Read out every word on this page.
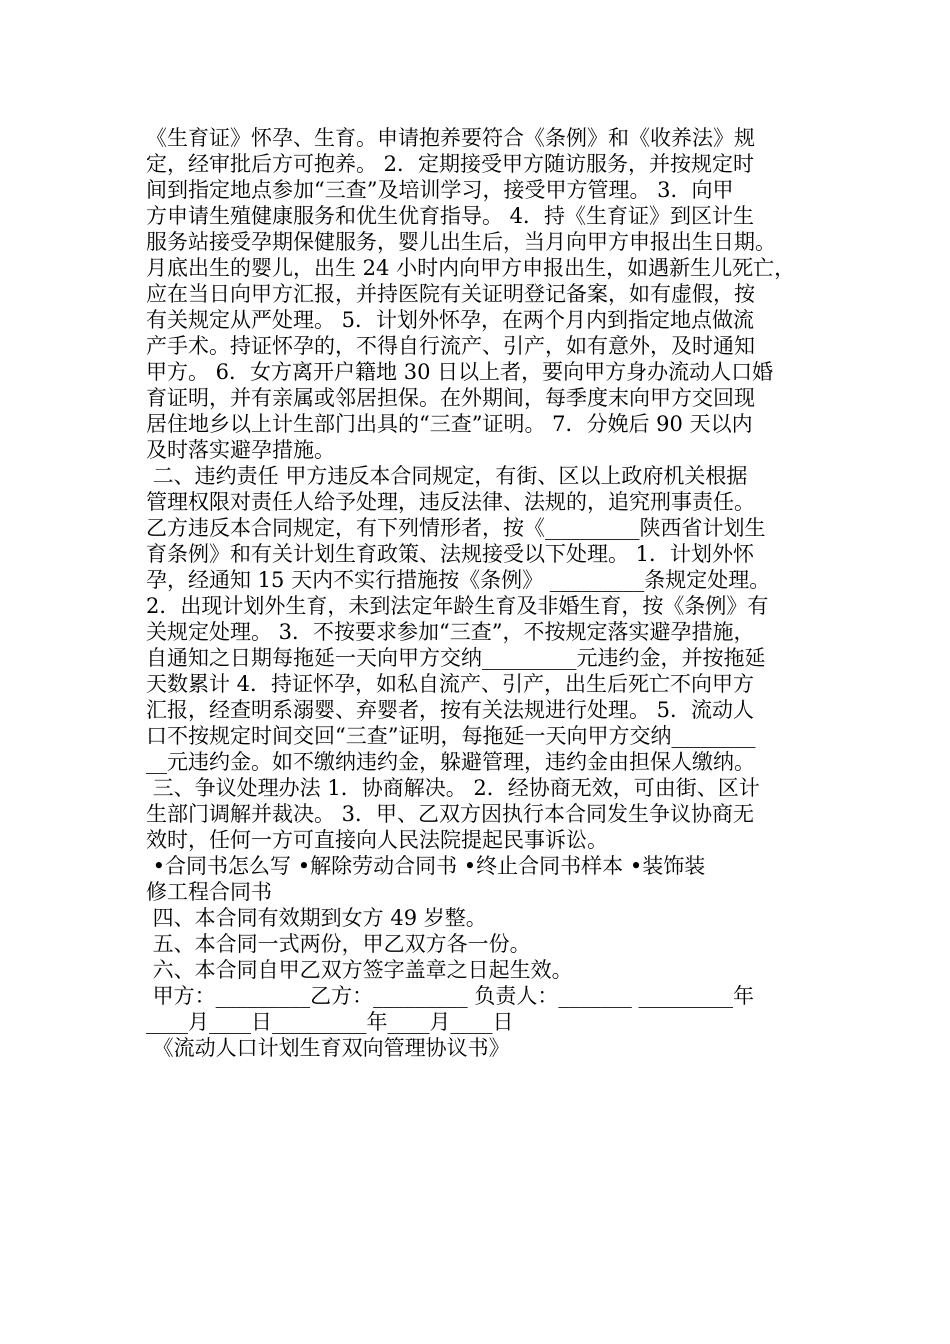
《生育证》怀孕、生育。申请抱养要符合《条例》和《收养法》规
定，经审批后方可抱养。 2．定期接受甲方随访服务，并按规定时
间到指定地点参加“三查”及培训学习，接受甲方管理。 3．向甲
方申请生殖健康服务和优生优育指导。 4．持《生育证》到区计生
服务站接受孕期保健服务，婴儿出生后，当月向甲方申报出生日期。
月底出生的婴儿，出生 24 小时内向甲方申报出生，如遇新生儿死亡，
应在当日向甲方汇报，并持医院有关证明登记备案，如有虚假，按
有关规定从严处理。 5．计划外怀孕，在两个月内到指定地点做流
产手术。持证怀孕的，不得自行流产、引产，如有意外，及时通知
甲方。 6．女方离开户籍地 30 日以上者，要向甲方身办流动人口婚
育证明，并有亲属或邻居担保。在外期间，每季度末向甲方交回现
居住地乡以上计生部门出具的“三查”证明。 7．分娩后 90 天以内
及时落实避孕措施。
二、违约责任 甲方违反本合同规定，有街、区以上政府机关根据
管理权限对责任人给予处理，违反法律、法规的，追究刑事责任。
乙方违反本合同规定，有下列情形者，按《_________陕西省计划生
育条例》和有关计划生育政策、法规接受以下处理。 1．计划外怀
孕，经通知 15 天内不实行措施按《条例》 _________条规定处理。
2．出现计划外生育，未到法定年龄生育及非婚生育，按《条例》有
关规定处理。 3．不按要求参加“三查”，不按规定落实避孕措施，
自通知之日期每拖延一天向甲方交纳_________元违约金，并按拖延
天数累计 4．持证怀孕，如私自流产、引产，出生后死亡不向甲方
汇报，经查明系溺婴、弃婴者，按有关法规进行处理。 5．流动人
口不按规定时间交回“三查”证明，每拖延一天向甲方交纳________
__元违约金。如不缴纳违约金，躲避管理，违约金由担保人缴纳。
三、争议处理办法 1．协商解决。 2．经协商无效，可由街、区计
生部门调解并裁决。 3．甲、乙双方因执行本合同发生争议协商无
效时，任何一方可直接向人民法院提起民事诉讼。
•合同书怎么写 •解除劳动合同书 •终止合同书样本 •装饰装
修工程合同书
四、本合同有效期到女方 49 岁整。
五、本合同一式两份，甲乙双方各一份。
六、本合同自甲乙双方签字盖章之日起生效。
甲方：_________乙方：_________ 负责人：_______ _________年
____月____日_________年____月____日
《流动人口计划生育双向管理协议书》
